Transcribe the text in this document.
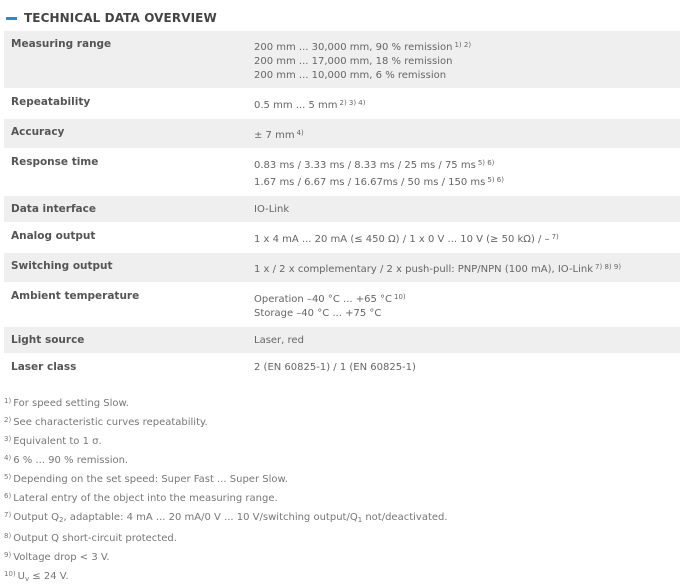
TECHNICAL DATA OVERVIEW
Measuring range	200 mm ... 30,000 mm, 90 % remission $^{1) 2)}$
200 mm ... 17,000 mm, 18 % remission
200 mm ... 10,000 mm, 6 % remission
Repeatability	0.5 mm ... 5 mm $^{2) 3) 4)}$
Accuracy	± 7 mm $^{4)}$
Response time	0.83 ms / 3.33 ms / 8.33 ms / 25 ms / 75 ms $^{5) 6)}$
1.67 ms / 6.67 ms / 16.67ms / 50 ms / 150 ms $^{5) 6)}$
Data interface	IO-Link
Analog output	1 x 4 mA ... 20 mA (≤ 450 Ω) / 1 x 0 V ... 10 V (≥ 50 kΩ) / – $^{7)}$
Switching output	1 x / 2 x complementary / 2 x push-pull: PNP/NPN (100 mA), IO-Link $^{7) 8) 9)}$
Ambient temperature	Operation –40 °C ... +65 °C $^{10)}$
Storage –40 °C ... +75 °C
Light source	Laser, red
Laser class	2 (EN 60825-1) / 1 (EN 60825-1)
$^{1)}$ For speed setting Slow.
$^{2)}$ See characteristic curves repeatability.
$^{3)}$ Equivalent to 1 σ.
$^{4)}$ 6 % ... 90 % remission.
$^{5)}$ Depending on the set speed: Super Fast ... Super Slow.
$^{6)}$ Lateral entry of the object into the measuring range.
$^{7)}$ Output $Q_2$, adaptable: 4 mA ... 20 mA/0 V ... 10 V/switching output/$Q_1$ not/deactivated.
$^{8)}$ Output Q short-circuit protected.
$^{9)}$ Voltage drop < 3 V.
$^{10)}$ $U_v \le 24$ V.
